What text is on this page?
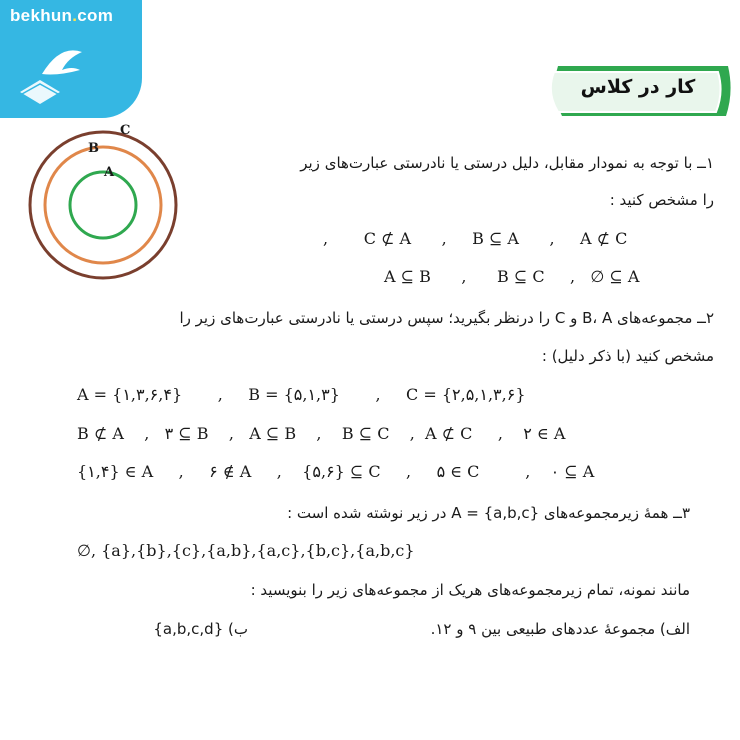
bekhun.com
کار در کلاس
C
B
A
۱ــ با توجه به نمودار مقابل، دلیل درستی یا نادرستی عبارت‌های زیر
را مشخص کنید :
,       C ⊄ A      ,     B ⊆ A      ,     A ⊄ C
A ⊆ B      ,      B ⊆ C     ,   ∅ ⊆ A
۲ــ مجموعه‌های B، A و C را درنظر بگیرید؛ سپس درستی یا نادرستی عبارت‌های زیر را
مشخص کنید (با ذکر دلیل) :
A = {۱,۳,۶,۴}       ,     B = {۵,۱,۳}       ,     C = {۲,۵,۱,۳,۶}
B ⊄ A    ,   ۳ ⊆ B    ,   A ⊆ B    ,    B ⊆ C    ,  A ⊄ C     ,    ۲ ∈ A
{۱,۴} ∈ A     ,     ۶ ∉ A     ,    {۵,۶} ⊆ C     ,     ۵ ∈ C         ,    ۰ ⊆ A
۳ــ همهٔ زیرمجموعه‌های {A = {a,b,c در زیر نوشته شده است :
∅, {a},{b},{c},{a,b},{a,c},{b,c},{a,b,c}
مانند نمونه، تمام زیرمجموعه‌های هریک از مجموعه‌های زیر را بنویسید :
الف) مجموعهٔ عددهای طبیعی بین ۹ و ۱۲.
ب) {a,b,c,d}
